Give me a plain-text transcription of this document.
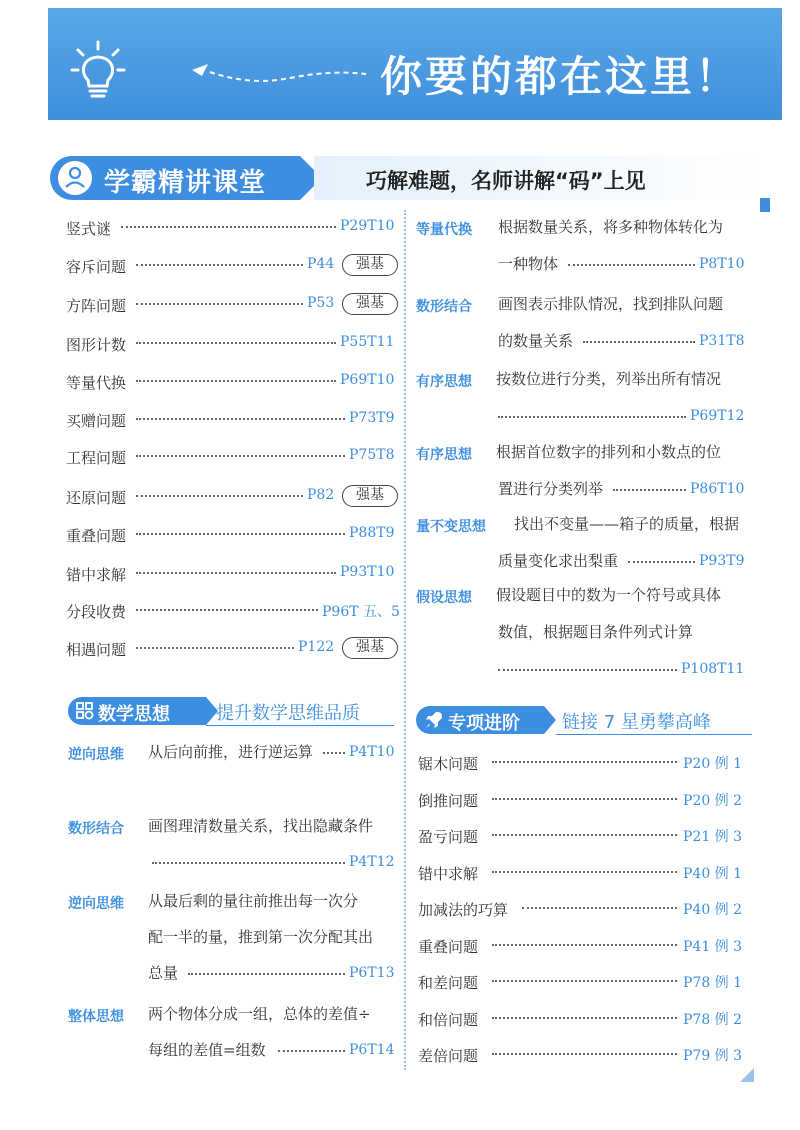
你要的都在这里！
学霸精讲课堂	巧解难题，名师讲解“码”上见
竖式谜	P29T10
容斥问题	P44	强基
方阵问题	P53	强基
图形计数	P55T11
等量代换	P69T10
买赠问题	P73T9
工程问题	P75T8
还原问题	P82	强基
重叠问题	P88T9
错中求解	P93T10
分段收费	P96T 五、5
相遇问题	P122	强基
等量代换 根据数量关系，将多种物体转化为
一种物体	P8T10
数形结合 画图表示排队情况，找到排队问题
的数量关系	P31T8
有序思想 按数位进行分类，列举出所有情况
P69T12
有序思想 根据首位数字的排列和小数点的位
置进行分类列举	P86T10
量不变思想 找出不变量——箱子的质量，根据
质量变化求出梨重	P93T9
假设思想 假设题目中的数为一个符号或具体
数值，根据题目条件列式计算
P108T11
数学思想	提升数学思维品质
逆向思维 从后向前推，进行逆运算	P4T10
数形结合 画图理清数量关系，找出隐藏条件
P4T12
逆向思维 从最后剩的量往前推出每一次分
配一半的量，推到第一次分配其出
总量	P6T13
整体思想 两个物体分成一组，总体的差值÷
每组的差值=组数	P6T14
专项进阶 链接 7 星勇攀高峰
锯木问题	P20 例 1
倒推问题	P20 例 2
盈亏问题	P21 例 3
错中求解	P40 例 1
加减法的巧算	P40 例 2
重叠问题	P41 例 3
和差问题	P78 例 1
和倍问题	P78 例 2
差倍问题	P79 例 3
